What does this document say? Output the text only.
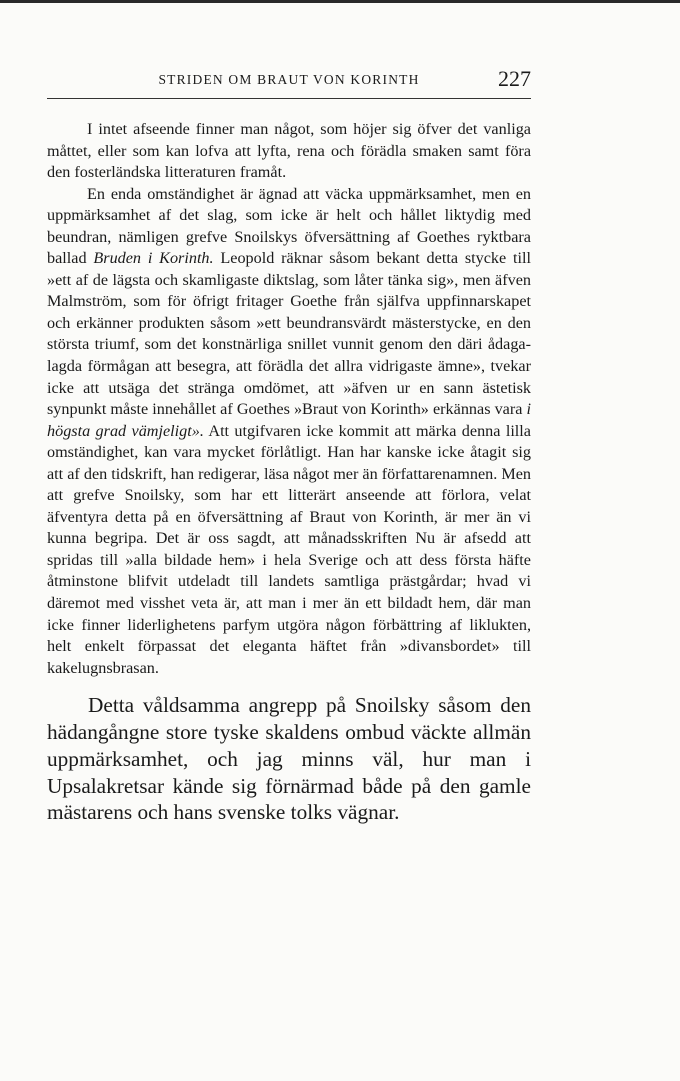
STRIDEN OM BRAUT VON KORINTH	227

I intet afseende finner man något, som höjer sig öfver det vanliga måttet, eller som kan lofva att lyfta, rena och förädla smaken samt föra den fosterländska litteraturen framåt.

En enda omständighet är ägnad att väcka uppmärksamhet, men en uppmärksamhet af det slag, som icke är helt och hållet liktydig med beundran, nämligen grefve Snoilskys öfversättning af Goethes ryktbara ballad Bruden i Korinth. Leopold räknar såsom bekant detta stycke till »ett af de lägsta och skamligaste diktslag, som låter tänka sig», men äfven Malmström, som för öfrigt fritager Goethe från själfva uppfinnarskapet och erkänner produkten såsom »ett beundransvärdt mästerstycke, en den största triumf, som det konstnärliga snillet vunnit genom den däri ådagalagda förmågan att besegra, att förädla det allra vidrigaste ämne», tvekar icke att utsäga det stränga omdömet, att »äfven ur en sann ästetisk synpunkt måste innehållet af Goethes »Braut von Korinth» erkännas vara i högsta grad vämjeligt». Att utgifvaren icke kommit att märka denna lilla omständighet, kan vara mycket förlåtligt. Han har kanske icke åtagit sig att af den tidskrift, han redigerar, läsa något mer än författarenamnen. Men att grefve Snoilsky, som har ett litterärt anseende att förlora, velat äfventyra detta på en öfversättning af Braut von Korinth, är mer än vi kunna begripa. Det är oss sagdt, att månadsskriften Nu är afsedd att spridas till »alla bildade hem» i hela Sverige och att dess första häfte åtminstone blifvit utdeladt till landets samtliga prästgårdar; hvad vi däremot med visshet veta är, att man i mer än ett bildadt hem, där man icke finner liderlighetens parfym utgöra någon förbättring af liklukten, helt enkelt förpassat det eleganta häftet från »divansbordet» till kakelugnsbrasan.

Detta våldsamma angrepp på Snoilsky såsom den hädangångne store tyske skaldens ombud väckte allmän uppmärksamhet, och jag minns väl, hur man i Upsalakretsar kände sig förnärmad både på den gamle mästarens och hans svenske tolks vägnar.
